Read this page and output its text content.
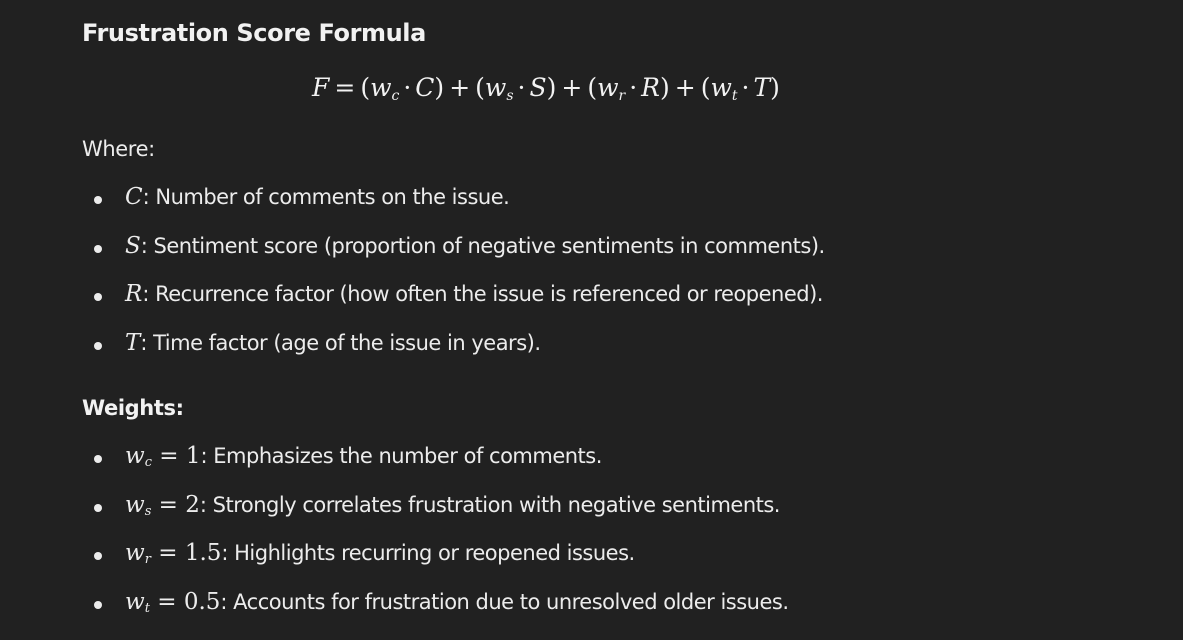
Frustration Score Formula
$F = (w_c \cdot C) + (w_s \cdot S) + (w_r \cdot R) + (w_t \cdot T)$
Where:
C: Number of comments on the issue.
S: Sentiment score (proportion of negative sentiments in comments).
R: Recurrence factor (how often the issue is referenced or reopened).
T: Time factor (age of the issue in years).
Weights:
$w_c = 1$: Emphasizes the number of comments.
$w_s = 2$: Strongly correlates frustration with negative sentiments.
$w_r = 1.5$: Highlights recurring or reopened issues.
$w_t = 0.5$: Accounts for frustration due to unresolved older issues.
